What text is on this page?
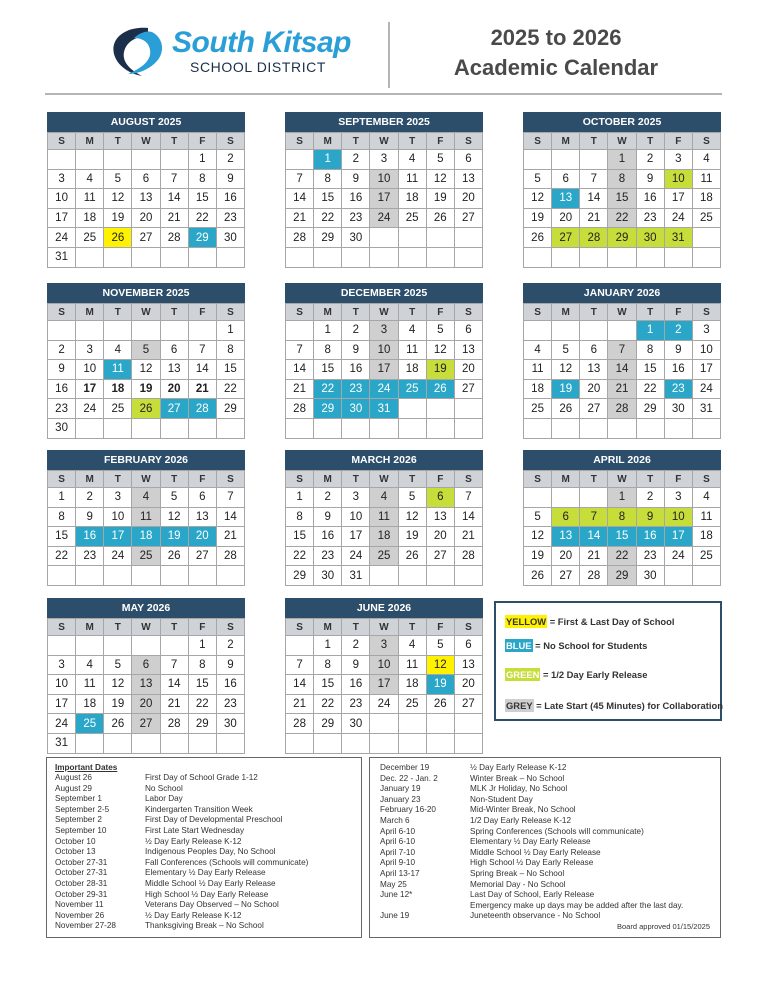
South Kitsap
SCHOOL DISTRICT
2025 to 2026
Academic Calendar
AUGUST 2025
S	M	T	W	T	F	S
					1	2
3	4	5	6	7	8	9
10	11	12	13	14	15	16
17	18	19	20	21	22	23
24	25	26	27	28	29	30
31						
SEPTEMBER 2025
S	M	T	W	T	F	S
	1	2	3	4	5	6
7	8	9	10	11	12	13
14	15	16	17	18	19	20
21	22	23	24	25	26	27
28	29	30				

OCTOBER 2025
S	M	T	W	T	F	S
			1	2	3	4
5	6	7	8	9	10	11
12	13	14	15	16	17	18
19	20	21	22	23	24	25
26	27	28	29	30	31	

NOVEMBER 2025
S	M	T	W	T	F	S
						1
2	3	4	5	6	7	8
9	10	11	12	13	14	15
16	17	18	19	20	21	22
23	24	25	26	27	28	29
30						
DECEMBER 2025
S	M	T	W	T	F	S
	1	2	3	4	5	6
7	8	9	10	11	12	13
14	15	16	17	18	19	20
21	22	23	24	25	26	27
28	29	30	31			

JANUARY 2026
S	M	T	W	T	F	S
				1	2	3
4	5	6	7	8	9	10
11	12	13	14	15	16	17
18	19	20	21	22	23	24
25	26	27	28	29	30	31

FEBRUARY 2026
S	M	T	W	T	F	S
1	2	3	4	5	6	7
8	9	10	11	12	13	14
15	16	17	18	19	20	21
22	23	24	25	26	27	28

MARCH 2026
S	M	T	W	T	F	S
1	2	3	4	5	6	7
8	9	10	11	12	13	14
15	16	17	18	19	20	21
22	23	24	25	26	27	28
29	30	31				
APRIL 2026
S	M	T	W	T	F	S
			1	2	3	4
5	6	7	8	9	10	11
12	13	14	15	16	17	18
19	20	21	22	23	24	25
26	27	28	29	30		
MAY 2026
S	M	T	W	T	F	S
					1	2
3	4	5	6	7	8	9
10	11	12	13	14	15	16
17	18	19	20	21	22	23
24	25	26	27	28	29	30
31						
JUNE 2026
S	M	T	W	T	F	S
	1	2	3	4	5	6
7	8	9	10	11	12	13
14	15	16	17	18	19	20
21	22	23	24	25	26	27
28	29	30				

YELLOW = First & Last Day of School
BLUE = No School for Students
GREEN = 1/2 Day Early Release
GREY = Late Start (45 Minutes) for Collaboration
Important Dates
August 26	First Day of School Grade 1-12
August 29	No School
September 1	Labor Day
September 2-5	Kindergarten Transition Week
September 2	First Day of Developmental Preschool
September 10	First Late Start Wednesday
October 10	½ Day Early Release K-12
October 13	Indigenous Peoples Day, No School
October 27-31	Fall Conferences (Schools will communicate)
October 27-31	Elementary ½ Day Early Release
October 28-31	Middle School ½ Day Early Release
October 29-31	High School ½ Day Early Release
November 11	Veterans Day Observed – No School
November 26	½ Day Early Release K-12
November 27-28	Thanksgiving Break – No School	Board approved 01/15/2025
December 19	½ Day Early Release K-12
Dec. 22 - Jan. 2	Winter Break – No School
January 19	MLK Jr Holiday, No School
January 23	Non-Student Day
February 16-20	Mid-Winter Break, No School
March 6	1/2 Day Early Release K-12
April 6-10	Spring Conferences (Schools will communicate)
April 6-10	Elementary ½ Day Early Release
April 7-10	Middle School ½ Day Early Release
April 9-10	High School ½ Day Early Release
April 13-17	Spring Break – No School
May 25	Memorial Day - No School
June 12*	Last Day of School, Early Release
Emergency make up days may be added after the last day.
June 19	Juneteenth observance - No School
